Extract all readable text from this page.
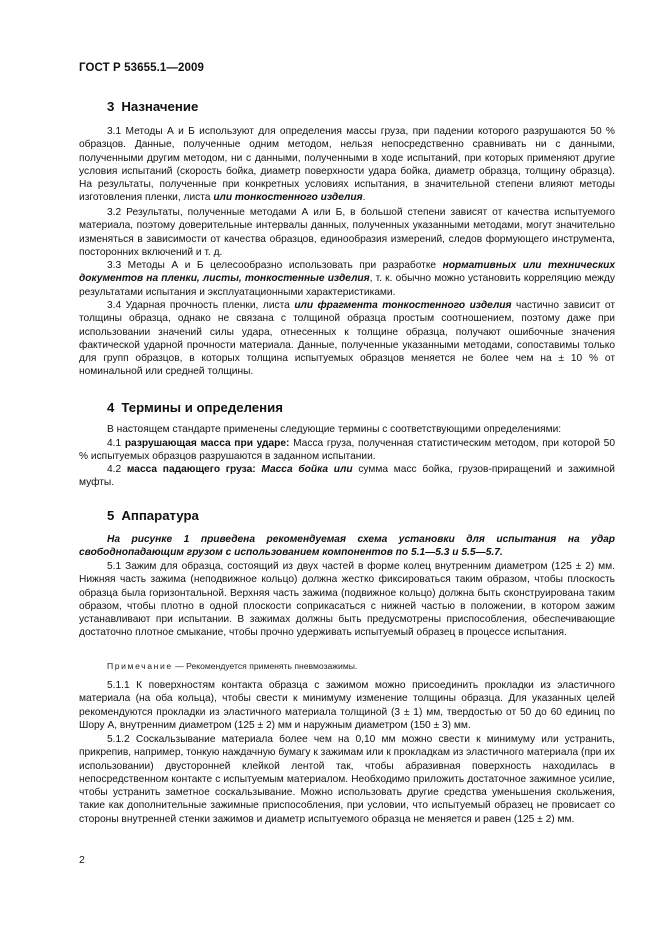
ГОСТ Р 53655.1—2009
3 Назначение
3.1 Методы А и Б используют для определения массы груза, при падении которого разрушаются 50 % образцов. Данные, полученные одним методом, нельзя непосредственно сравнивать ни с данными, полученными другим методом, ни с данными, полученными в ходе испытаний, при которых применяют другие условия испытаний (скорость бойка, диаметр поверхности удара бойка, диаметр образца, толщину образца). На результаты, полученные при конкретных условиях испытания, в значительной степени влияют методы изготовления пленки, листа или тонкостенного изделия.
3.2 Результаты, полученные методами А или Б, в большой степени зависят от качества испытуемого материала, поэтому доверительные интервалы данных, полученных указанными методами, могут значительно изменяться в зависимости от качества образцов, единообразия измерений, следов формующего инструмента, посторонних включений и т. д.
3.3 Методы А и Б целесообразно использовать при разработке нормативных или технических документов на пленки, листы, тонкостенные изделия, т. к. обычно можно установить корреляцию между результатами испытания и эксплуатационными характеристиками.
3.4 Ударная прочность пленки, листа или фрагмента тонкостенного изделия частично зависит от толщины образца, однако не связана с толщиной образца простым соотношением, поэтому даже при использовании значений силы удара, отнесенных к толщине образца, получают ошибочные значения фактической ударной прочности материала. Данные, полученные указанными методами, сопоставимы только для групп образцов, в которых толщина испытуемых образцов меняется не более чем на ± 10 % от номинальной или средней толщины.
4 Термины и определения
В настоящем стандарте применены следующие термины с соответствующими определениями:
4.1 разрушающая масса при ударе: Масса груза, полученная статистическим методом, при которой 50 % испытуемых образцов разрушаются в заданном испытании.
4.2 масса падающего груза: Масса бойка или сумма масс бойка, грузов-приращений и зажимной муфты.
5 Аппаратура
На рисунке 1 приведена рекомендуемая схема установки для испытания на удар свободнопадающим грузом с использованием компонентов по 5.1—5.3 и 5.5—5.7.
5.1 Зажим для образца, состоящий из двух частей в форме колец внутренним диаметром (125 ± 2) мм. Нижняя часть зажима (неподвижное кольцо) должна жестко фиксироваться таким образом, чтобы плоскость образца была горизонтальной. Верхняя часть зажима (подвижное кольцо) должна быть сконструирована таким образом, чтобы плотно в одной плоскости соприкасаться с нижней частью в положении, в котором зажим устанавливают при испытании. В зажимах должны быть предусмотрены приспособления, обеспечивающие достаточно плотное смыкание, чтобы прочно удерживать испытуемый образец в процессе испытания.
Примечание — Рекомендуется применять пневмозажимы.
5.1.1 К поверхностям контакта образца с зажимом можно присоединить прокладки из эластичного материала (на оба кольца), чтобы свести к минимуму изменение толщины образца. Для указанных целей рекомендуются прокладки из эластичного материала толщиной (3 ± 1) мм, твердостью от 50 до 60 единиц по Шору А, внутренним диаметром (125 ± 2) мм и наружным диаметром (150 ± 3) мм.
5.1.2 Соскальзывание материала более чем на 0,10 мм можно свести к минимуму или устранить, прикрепив, например, тонкую наждачную бумагу к зажимам или к прокладкам из эластичного материала (при их использовании) двусторонней клейкой лентой так, чтобы абразивная поверхность находилась в непосредственном контакте с испытуемым материалом. Необходимо приложить достаточное зажимное усилие, чтобы устранить заметное соскальзывание. Можно использовать другие средства уменьшения скольжения, такие как дополнительные зажимные приспособления, при условии, что испытуемый образец не провисает со стороны внутренней стенки зажимов и диаметр испытуемого образца не меняется и равен (125 ± 2) мм.
2
